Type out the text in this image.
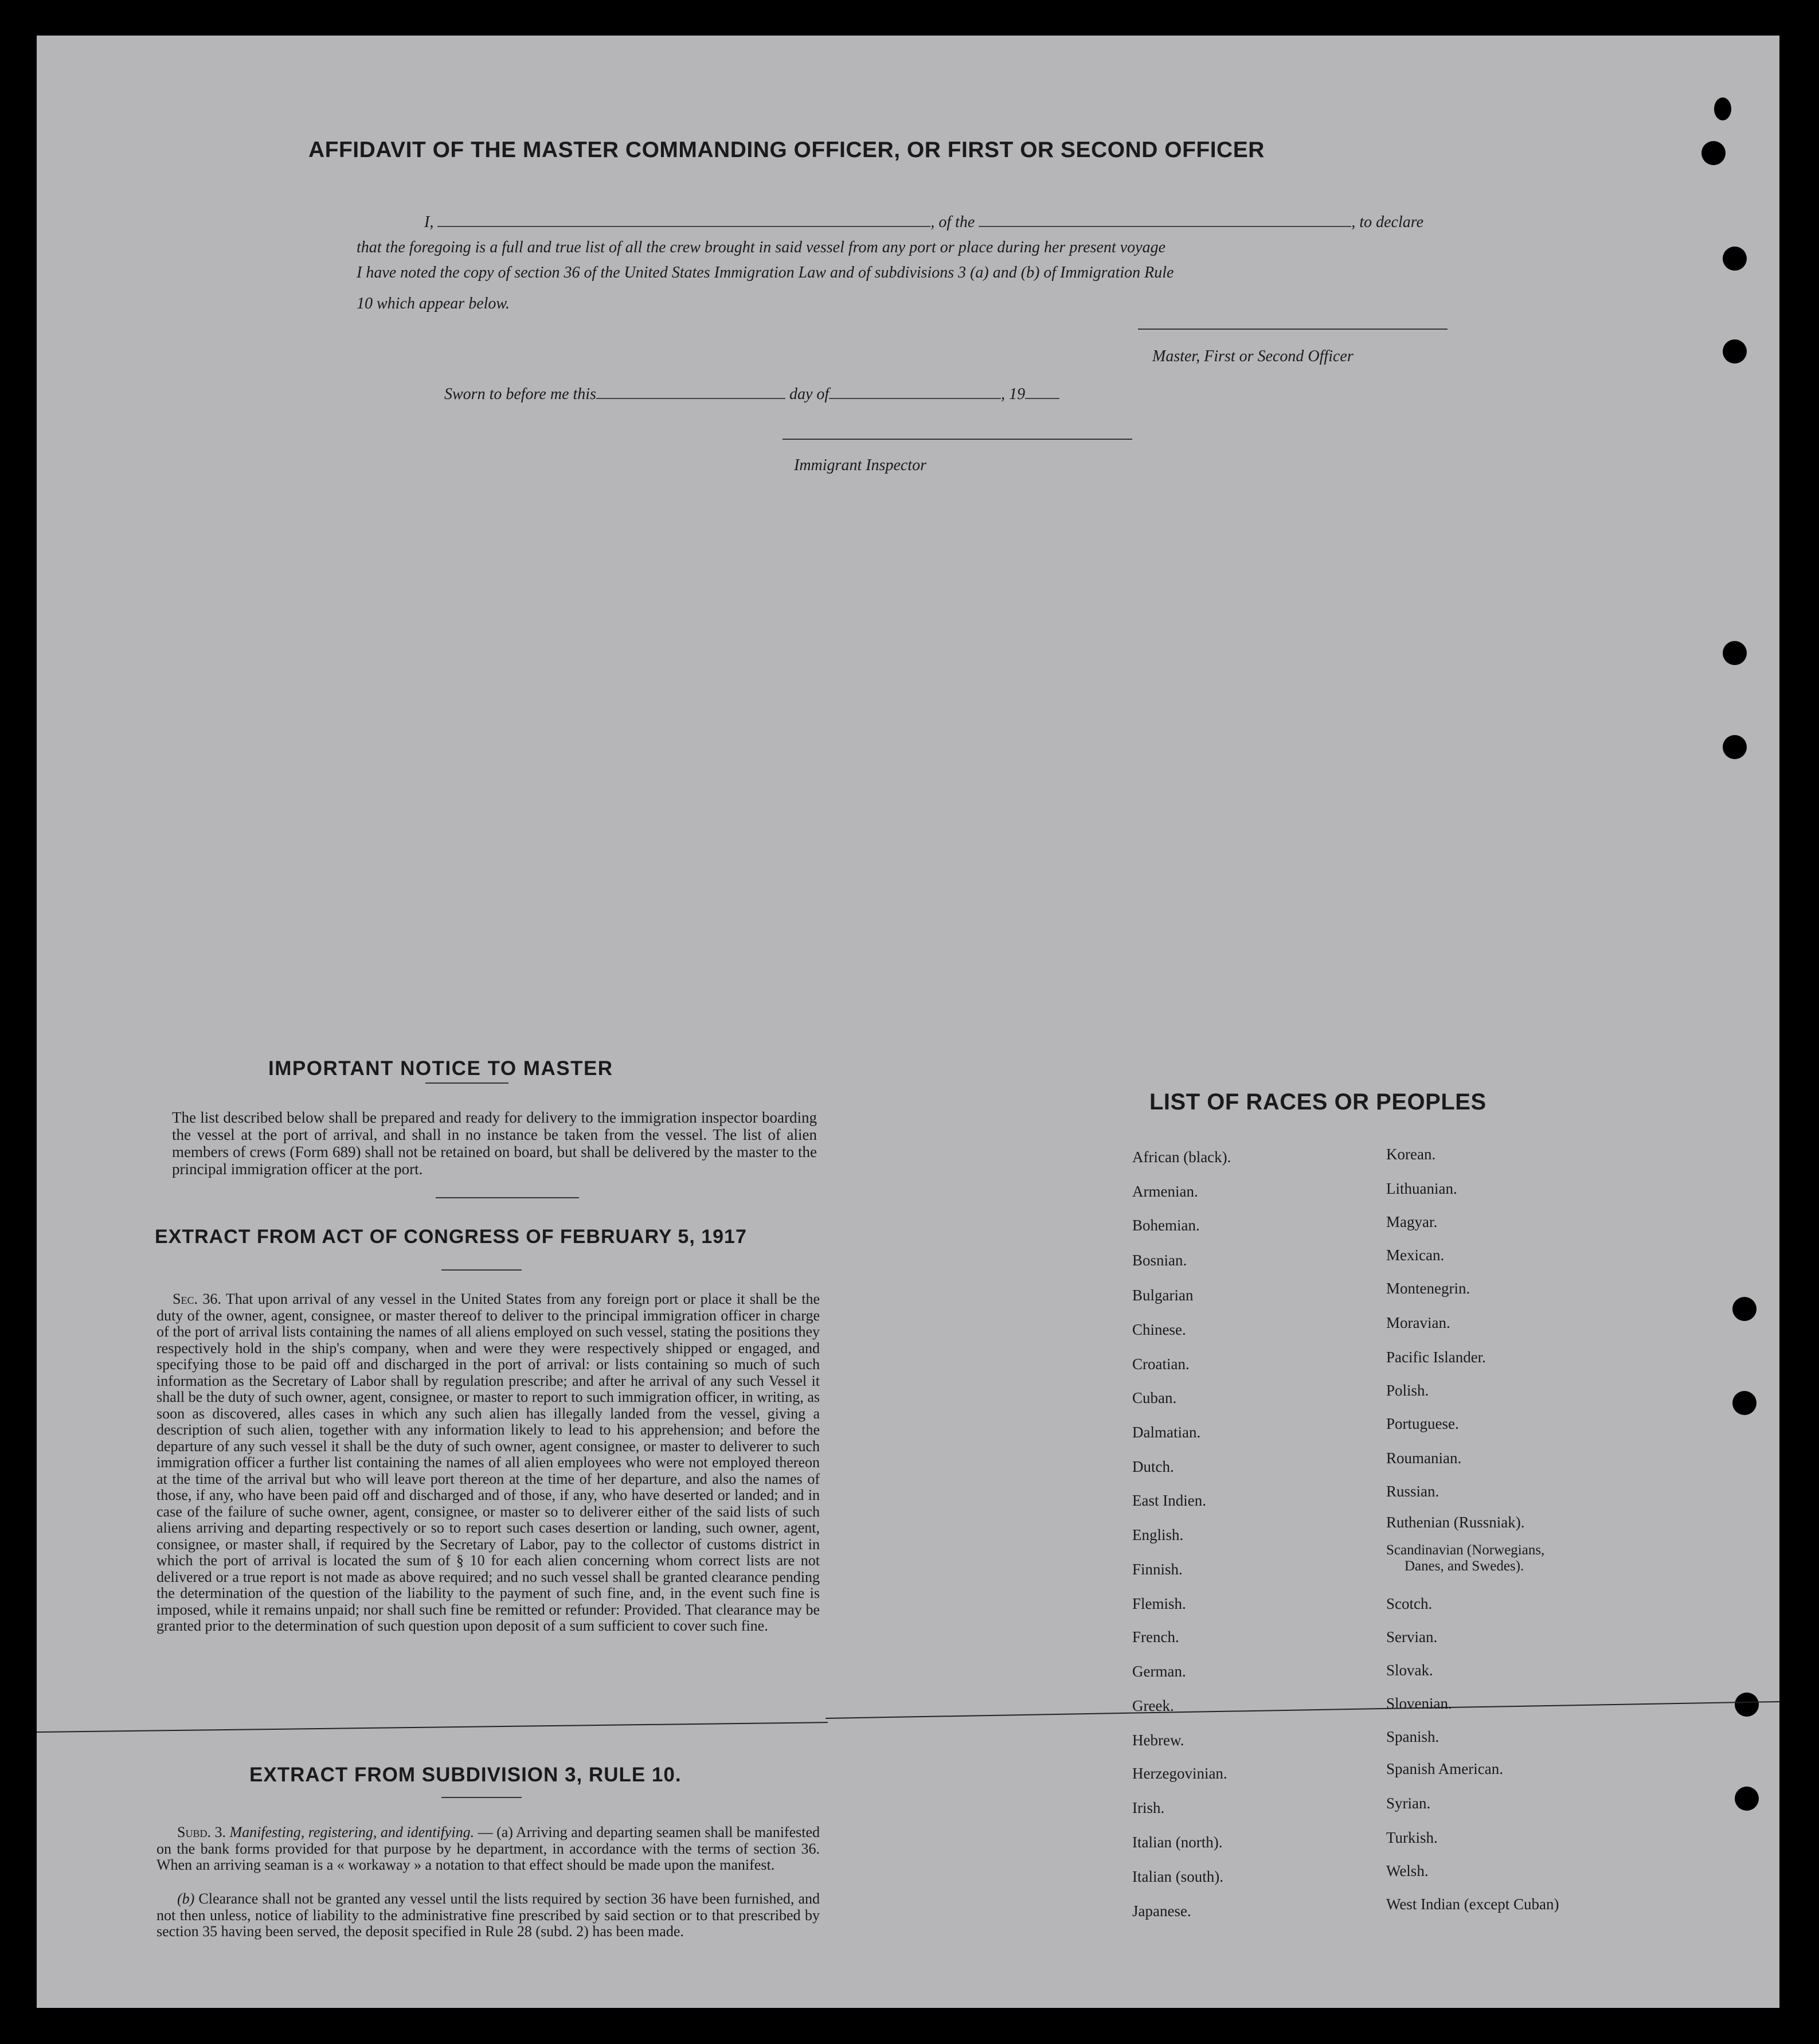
AFFIDAVIT OF THE MASTER COMMANDING OFFICER, OR FIRST OR SECOND OFFICER
I,	, of the	, to declare
that the foregoing is a full and true list of all the crew brought in said vessel from any port or place during her present voyage
I have noted the copy of section 36 of the United States Immigration Law and of subdivisions 3 (a) and (b) of Immigration Rule
10 which appear below.
Master, First or Second Officer
Sworn to before me this	day of	, 19
Immigrant Inspector
IMPORTANT NOTICE TO MASTER
The list described below shall be prepared and ready for delivery to the immigration inspector boarding the vessel at the port of arrival, and shall in no instance be taken from the vessel. The list of alien members of crews (Form 689) shall not be retained on board, but shall be delivered by the master to the principal immigration officer at the port.
EXTRACT FROM ACT OF CONGRESS OF FEBRUARY 5, 1917
Sec. 36. That upon arrival of any vessel in the United States from any foreign port or place it shall be the duty of the owner, agent, consignee, or master thereof to deliver to the principal immigration officer in charge of the port of arrival lists containing the names of all aliens employed on such vessel, stating the positions they respectively hold in the ship's company, when and were they were respectively shipped or engaged, and specifying those to be paid off and discharged in the port of arrival: or lists containing so much of such information as the Secretary of Labor shall by regulation prescribe; and after he arrival of any such Vessel it shall be the duty of such owner, agent, consignee, or master to report to such immigration officer, in writing, as soon as discovered, alles cases in which any such alien has illegally landed from the vessel, giving a description of such alien, together with any information likely to lead to his apprehension; and before the departure of any such vessel it shall be the duty of such owner, agent consignee, or master to deliverer to such immigration officer a further list containing the names of all alien employees who were not employed thereon at the time of the arrival but who will leave port thereon at the time of her departure, and also the names of those, if any, who have been paid off and discharged and of those, if any, who have deserted or landed; and in case of the failure of suche owner, agent, consignee, or master so to deliverer either of the said lists of such aliens arriving and departing respectively or so to report such cases desertion or landing, such owner, agent, consignee, or master shall, if required by the Secretary of Labor, pay to the collector of customs district in which the port of arrival is located the sum of § 10 for each alien concerning whom correct lists are not delivered or a true report is not made as above required; and no such vessel shall be granted clearance pending the determination of the question of the liability to the payment of such fine, and, in the event such fine is imposed, while it remains unpaid; nor shall such fine be remitted or refunder: Provided. That clearance may be granted prior to the determination of such question upon deposit of a sum sufficient to cover such fine.
EXTRACT FROM SUBDIVISION 3, RULE 10.
Subd. 3. Manifesting, registering, and identifying. — (a) Arriving and departing seamen shall be manifested on the bank forms provided for that purpose by he department, in accordance with the terms of section 36. When an arriving seaman is a « workaway » a notation to that effect should be made upon the manifest.
(b) Clearance shall not be granted any vessel until the lists required by section 36 have been furnished, and not then unless, notice of liability to the administrative fine prescribed by said section or to that prescribed by section 35 having been served, the deposit specified in Rule 28 (subd. 2) has been made.
LIST OF RACES OR PEOPLES
African (black).
Armenian.
Bohemian.
Bosnian.
Bulgarian
Chinese.
Croatian.
Cuban.
Dalmatian.
Dutch.
East Indien.
English.
Finnish.
Flemish.
French.
German.
Greek.
Hebrew.
Herzegovinian.
Irish.
Italian (north).
Italian (south).
Japanese.
Korean.
Lithuanian.
Magyar.
Mexican.
Montenegrin.
Moravian.
Pacific Islander.
Polish.
Portuguese.
Roumanian.
Russian.
Ruthenian (Russniak).
Scandinavian (Norwegians,
Danes, and Swedes).
Scotch.
Servian.
Slovak.
Slovenian.
Spanish.
Spanish American.
Syrian.
Turkish.
Welsh.
West Indian (except Cuban)
